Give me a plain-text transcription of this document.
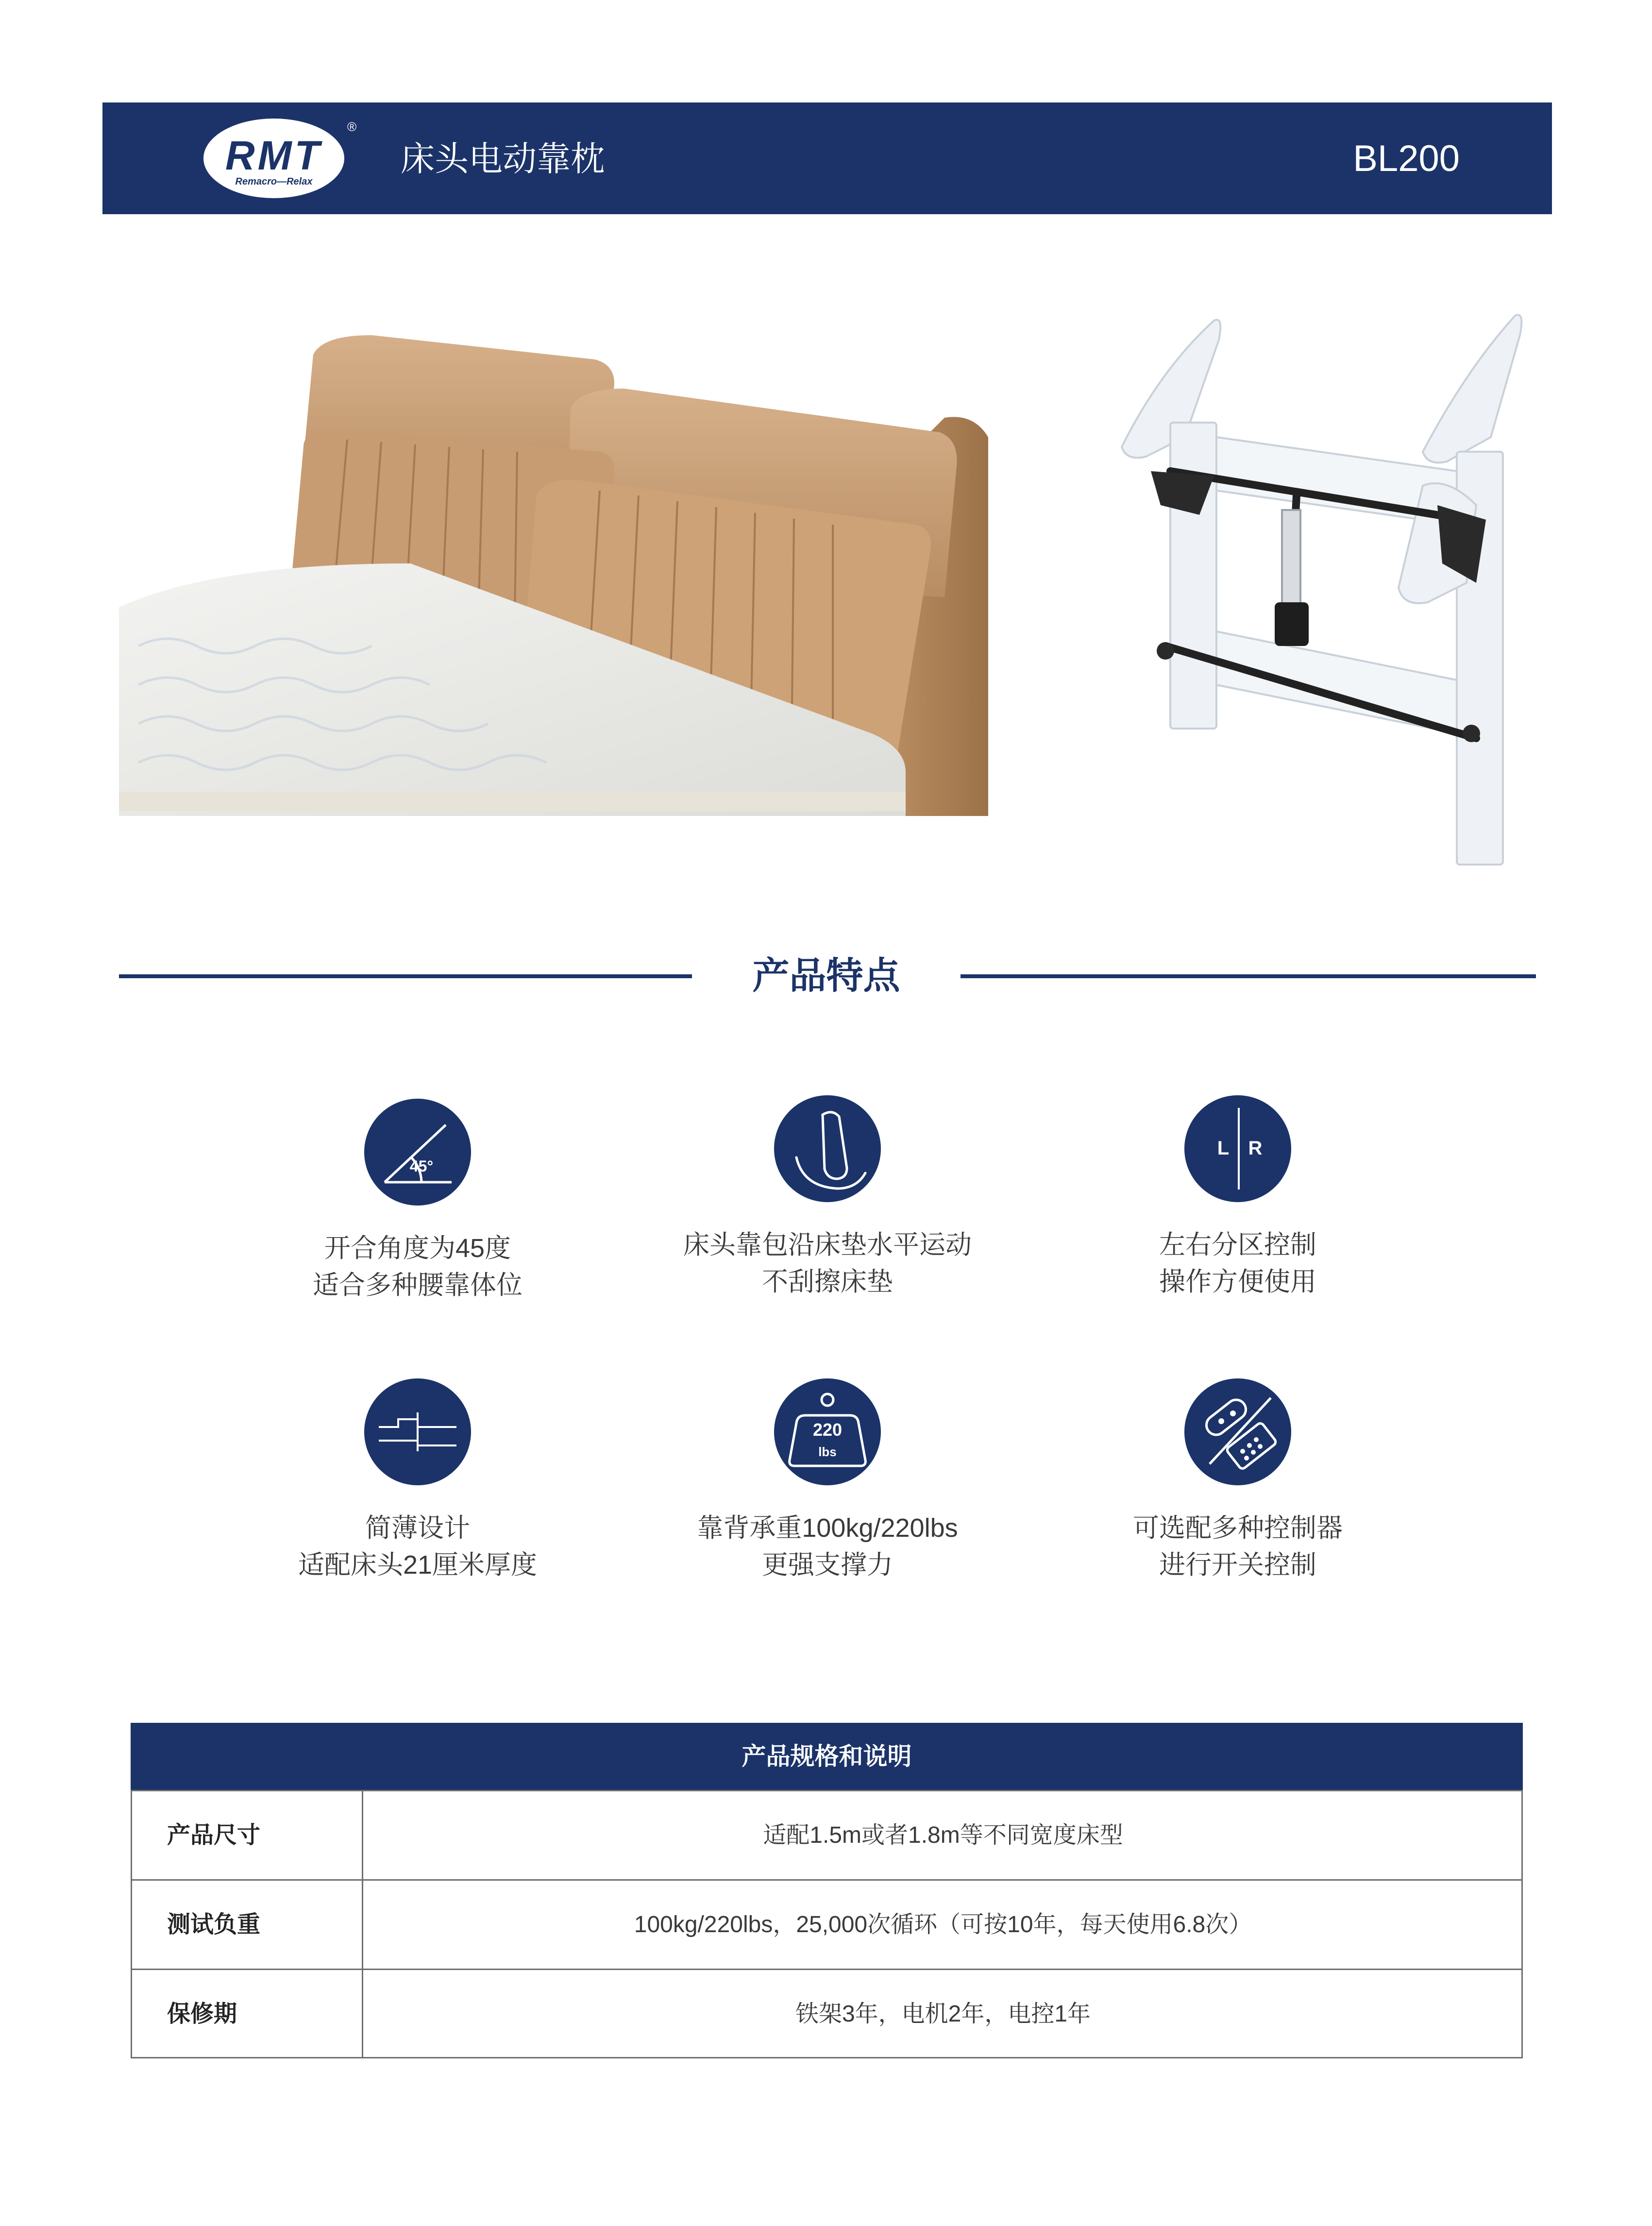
RMT
Remacro—Relax
®
床头电动靠枕	BL200
产品特点
45°
开合角度为45度
适合多种腰靠体位
床头靠包沿床垫水平运动
不刮擦床垫
L R
左右分区控制
操作方便使用
简薄设计
适配床头21厘米厚度
220
lbs
靠背承重100kg/220lbs
更强支撑力
可选配多种控制器
进行开关控制
产品规格和说明
产品尺寸	适配1.5m或者1.8m等不同宽度床型
测试负重	100kg/220lbs，25,000次循环（可按10年，每天使用6.8次）
保修期	铁架3年，电机2年，电控1年
